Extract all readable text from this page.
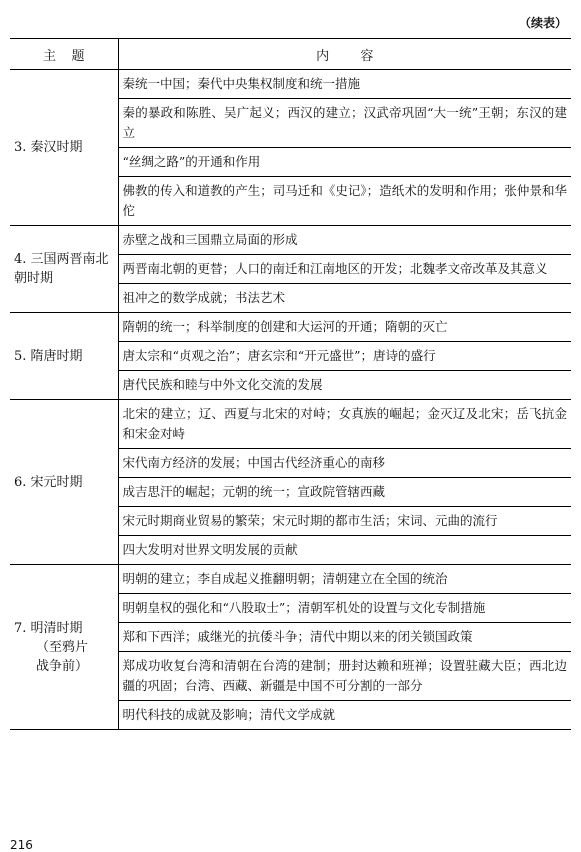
（续表）
主题	内容

3. 秦汉时期	秦统一中国；秦代中央集权制度和统一措施
	秦的暴政和陈胜、吴广起义；西汉的建立；汉武帝巩固“大一统”王朝；东汉的建立
	“丝绸之路”的开通和作用
	佛教的传入和道教的产生；司马迁和《史记》；造纸术的发明和作用；张仲景和华佗

4. 三国两晋南北
朝时期	赤壁之战和三国鼎立局面的形成
	两晋南北朝的更替；人口的南迁和江南地区的开发；北魏孝文帝改革及其意义
	祖冲之的数学成就；书法艺术

5. 隋唐时期	隋朝的统一；科举制度的创建和大运河的开通；隋朝的灭亡
	唐太宗和“贞观之治”；唐玄宗和“开元盛世”；唐诗的盛行
	唐代民族和睦与中外文化交流的发展

6. 宋元时期	北宋的建立；辽、西夏与北宋的对峙；女真族的崛起；金灭辽及北宋；岳飞抗金和宋金对峙
	宋代南方经济的发展；中国古代经济重心的南移
	成吉思汗的崛起；元朝的统一；宣政院管辖西藏
	宋元时期商业贸易的繁荣；宋元时期的都市生活；宋词、元曲的流行
	四大发明对世界文明发展的贡献

7. 明清时期
（至鸦片
战争前）	明朝的建立；李自成起义推翻明朝；清朝建立在全国的统治
	明朝皇权的强化和“八股取士”；清朝军机处的设置与文化专制措施
	郑和下西洋；戚继光的抗倭斗争；清代中期以来的闭关锁国政策
	郑成功收复台湾和清朝在台湾的建制；册封达赖和班禅；设置驻藏大臣；西北边疆的巩固；台湾、西藏、新疆是中国不可分割的一部分
	明代科技的成就及影响；清代文学成就
216
